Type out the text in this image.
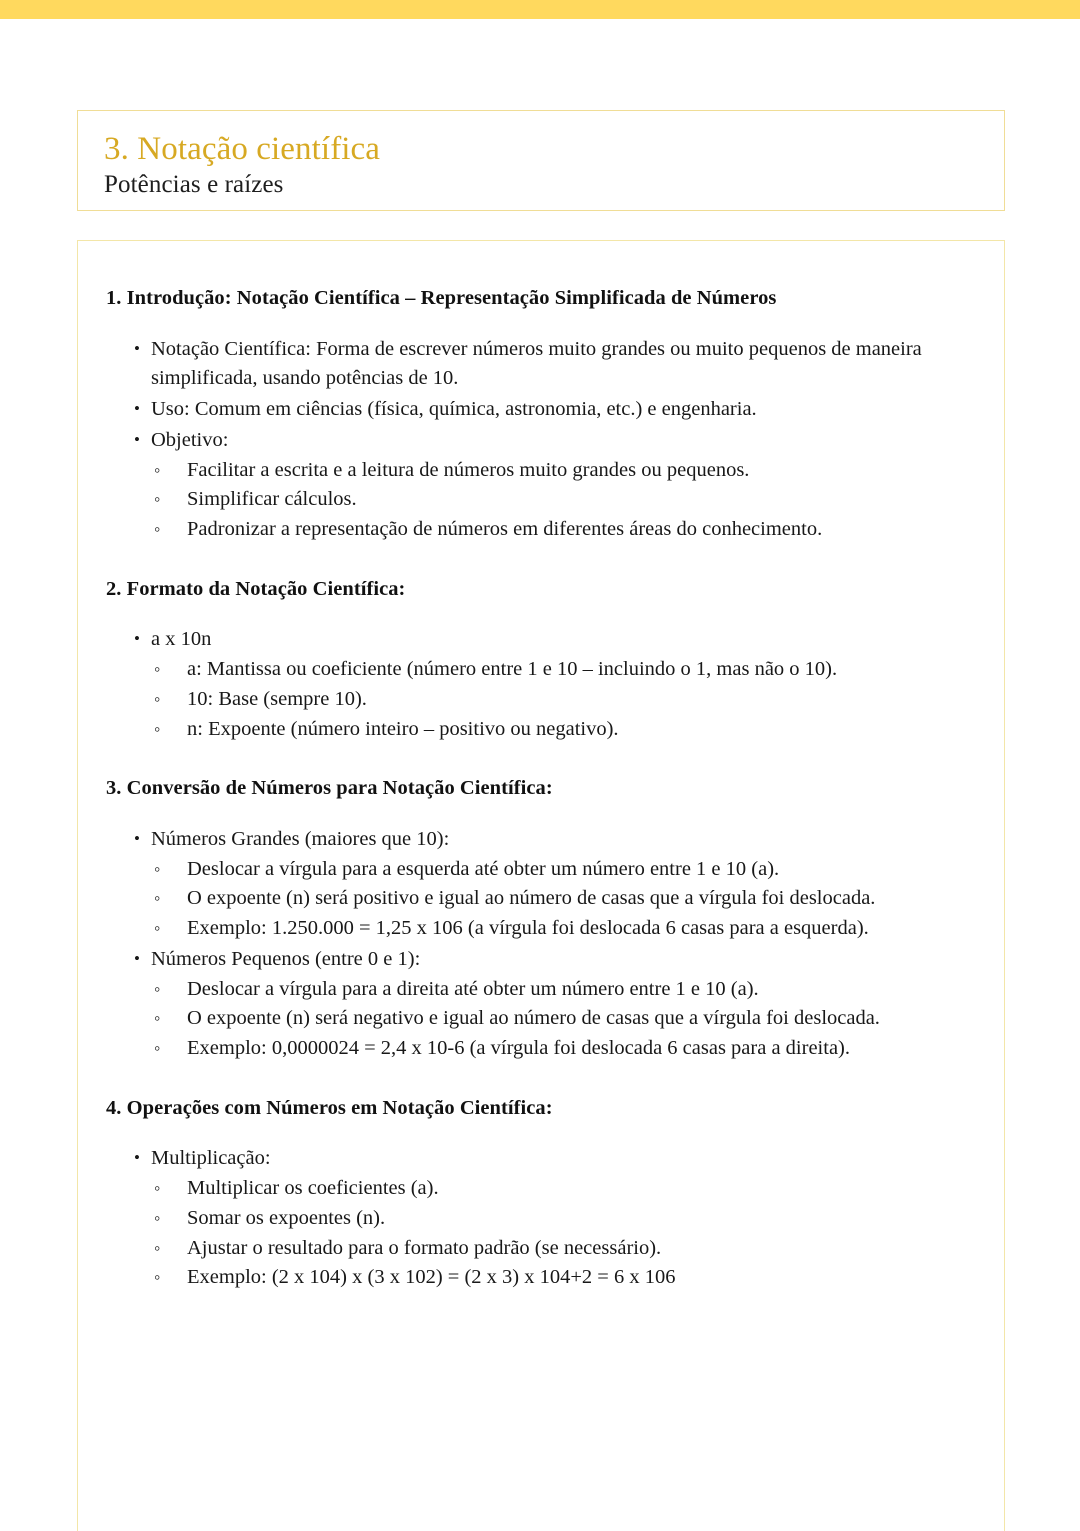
3. Notação científica
Potências e raízes
1. Introdução: Notação Científica – Representação Simplificada de Números
• Notação Científica: Forma de escrever números muito grandes ou muito pequenos de maneira simplificada, usando potências de 10.
• Uso: Comum em ciências (física, química, astronomia, etc.) e engenharia.
• Objetivo:
◦ Facilitar a escrita e a leitura de números muito grandes ou pequenos.
◦ Simplificar cálculos.
◦ Padronizar a representação de números em diferentes áreas do conhecimento.
2. Formato da Notação Científica:
• a x 10n
◦ a: Mantissa ou coeficiente (número entre 1 e 10 – incluindo o 1, mas não o 10).
◦ 10: Base (sempre 10).
◦ n: Expoente (número inteiro – positivo ou negativo).
3. Conversão de Números para Notação Científica:
• Números Grandes (maiores que 10):
◦ Deslocar a vírgula para a esquerda até obter um número entre 1 e 10 (a).
◦ O expoente (n) será positivo e igual ao número de casas que a vírgula foi deslocada.
◦ Exemplo: 1.250.000 = 1,25 x 106 (a vírgula foi deslocada 6 casas para a esquerda).
• Números Pequenos (entre 0 e 1):
◦ Deslocar a vírgula para a direita até obter um número entre 1 e 10 (a).
◦ O expoente (n) será negativo e igual ao número de casas que a vírgula foi deslocada.
◦ Exemplo: 0,0000024 = 2,4 x 10-6 (a vírgula foi deslocada 6 casas para a direita).
4. Operações com Números em Notação Científica:
• Multiplicação:
◦ Multiplicar os coeficientes (a).
◦ Somar os expoentes (n).
◦ Ajustar o resultado para o formato padrão (se necessário).
◦ Exemplo: (2 x 104) x (3 x 102) = (2 x 3) x 104+2 = 6 x 106
